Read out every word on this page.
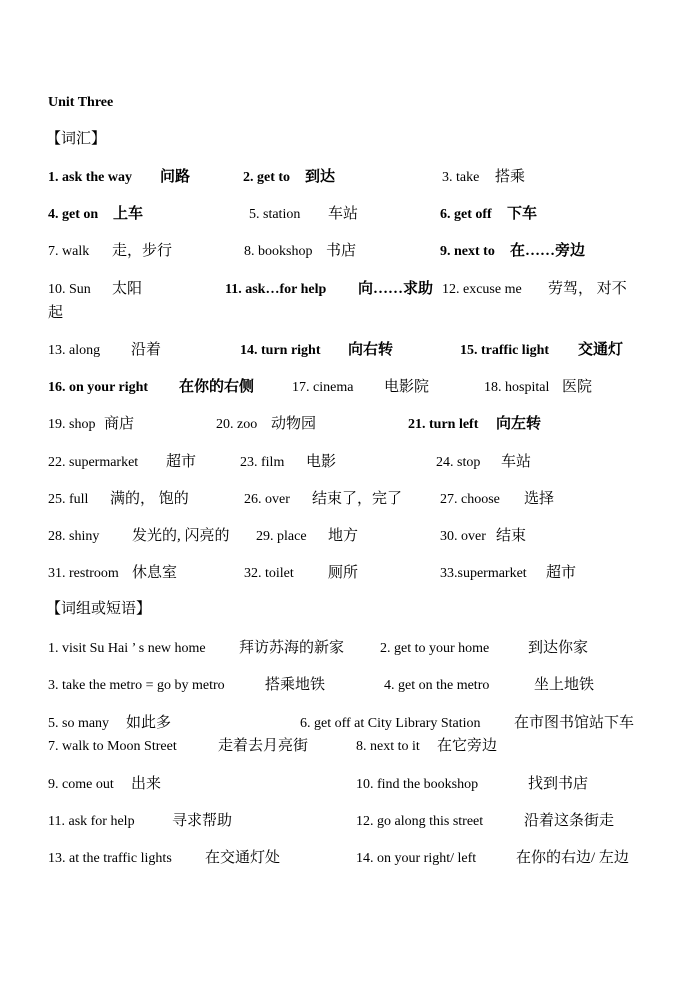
Unit Three
【词汇】
【词组或短语】
1. ask the way 问路	2. get to 到达	3. take 搭乘
4. get on 上车	5. station 车站	6. get off 下车
7. walk 走，步行	8. bookshop 书店	9. next to 在……旁边
10. Sun 太阳	11. ask…for help 向……求助 12. excuse me 劳驾， 对不
起
13. along 沿着	14. turn right 向右转	15. traffic light 交通灯
16. on your right 在你的右侧	17. cinema 电影院	18. hospital 医院
19. shop 商店	20. zoo 动物园	21. turn left 向左转
22. supermarket 超市	23. film 电影	24. stop 车站
25. full 满的， 饱的	26. over 结束了，完了	27. choose 选择
28. shiny 发光的, 闪亮的 29. place 地方	30. over 结束
31. restroom 休息室	32. toilet 厕所	33.supermarket 超市
1. visit Su Hai ’ s new home 拜访苏海的新家	2. get to your home	到达你家
3. take the metro = go by metro	搭乘地铁	4. get on the metro	坐上地铁
5. so many 如此多	6. get off at City Library Station 在市图书馆站下车
7. walk to Moon Street	走着去月亮街	8. next to it 在它旁边
9. come out 出来	10. find the bookshop	找到书店
11. ask for help 寻求帮助	12. go along this street	沿着这条街走
13. at the traffic lights 在交通灯处	14. on your right/ left	在你的右边/ 左边
